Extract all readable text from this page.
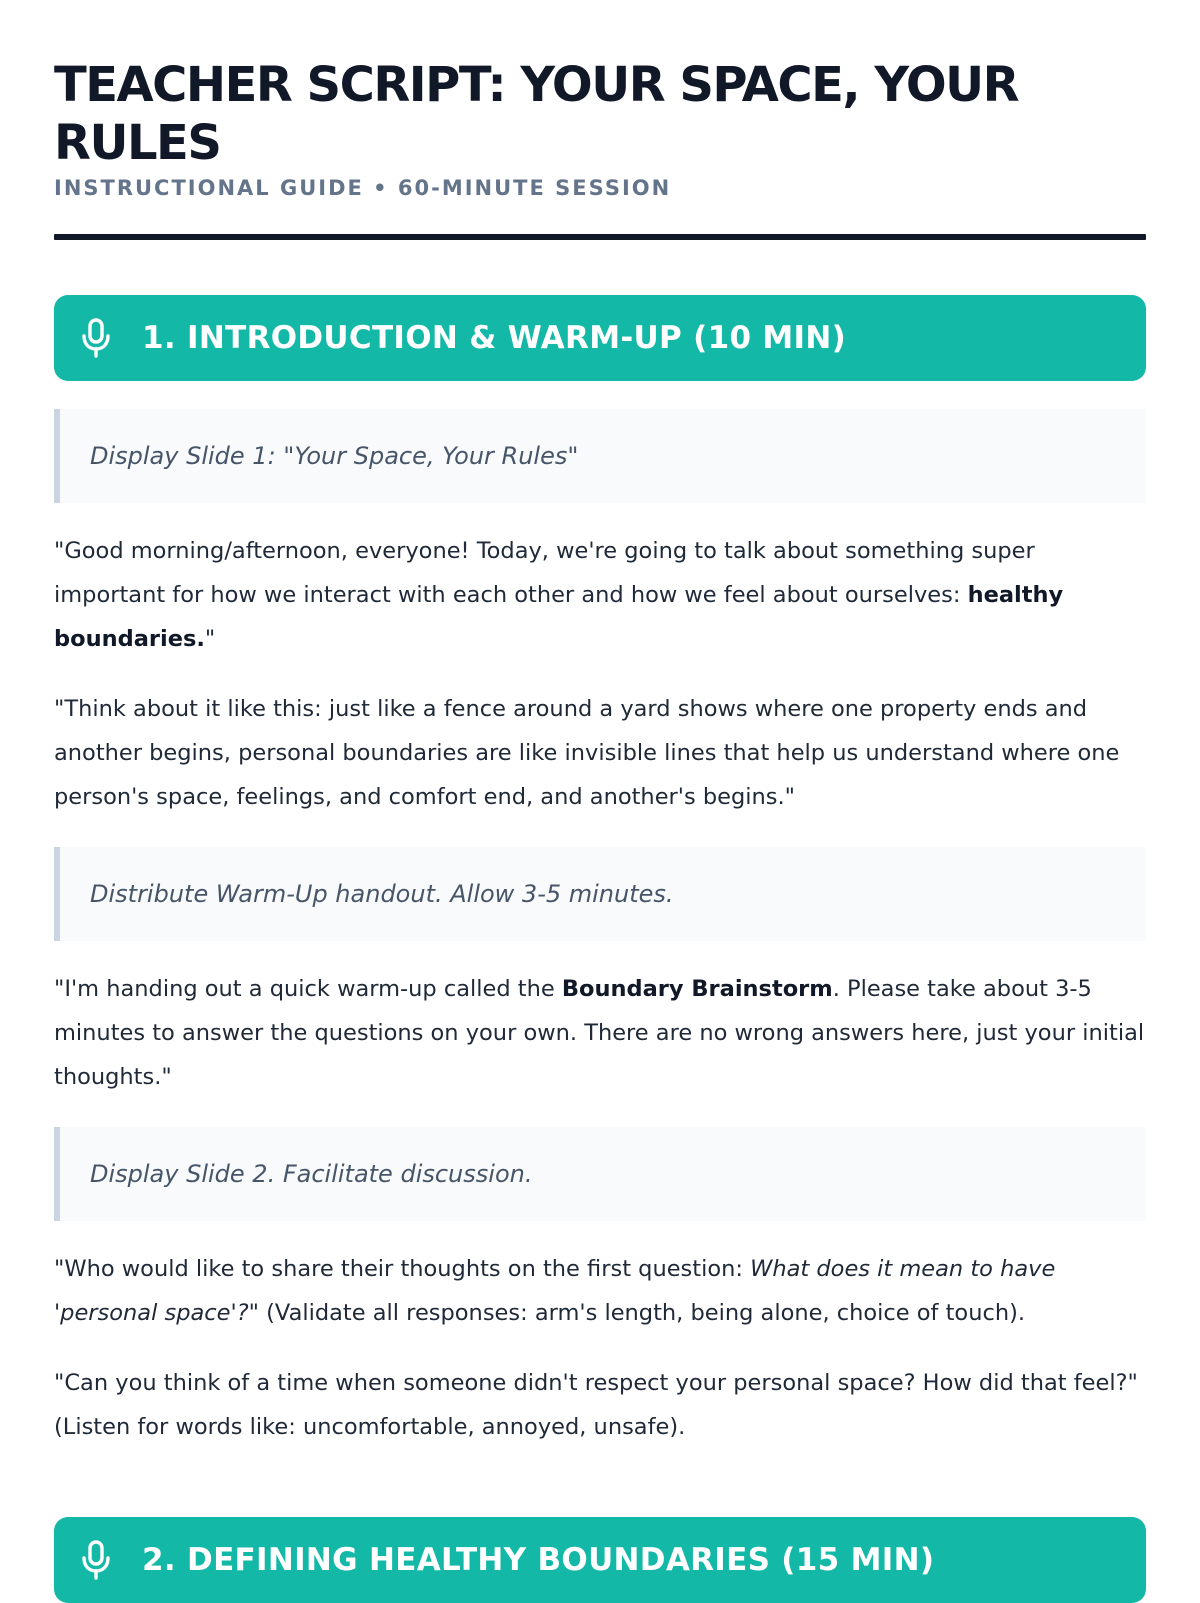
TEACHER SCRIPT: YOUR SPACE, YOUR RULES
INSTRUCTIONAL GUIDE • 60-MINUTE SESSION
1. INTRODUCTION & WARM-UP (10 MIN)
Display Slide 1: "Your Space, Your Rules"

"Good morning/afternoon, everyone! Today, we're going to talk about something super important for how we interact with each other and how we feel about ourselves: healthy boundaries."

"Think about it like this: just like a fence around a yard shows where one property ends and another begins, personal boundaries are like invisible lines that help us understand where one person's space, feelings, and comfort end, and another's begins."

Distribute Warm-Up handout. Allow 3-5 minutes.

"I'm handing out a quick warm-up called the Boundary Brainstorm. Please take about 3-5 minutes to answer the questions on your own. There are no wrong answers here, just your initial thoughts."

Display Slide 2. Facilitate discussion.

"Who would like to share their thoughts on the first question: What does it mean to have 'personal space'?" (Validate all responses: arm's length, being alone, choice of touch).

"Can you think of a time when someone didn't respect your personal space? How did that feel?" (Listen for words like: uncomfortable, annoyed, unsafe).

2. DEFINING HEALTHY BOUNDARIES (15 MIN)
